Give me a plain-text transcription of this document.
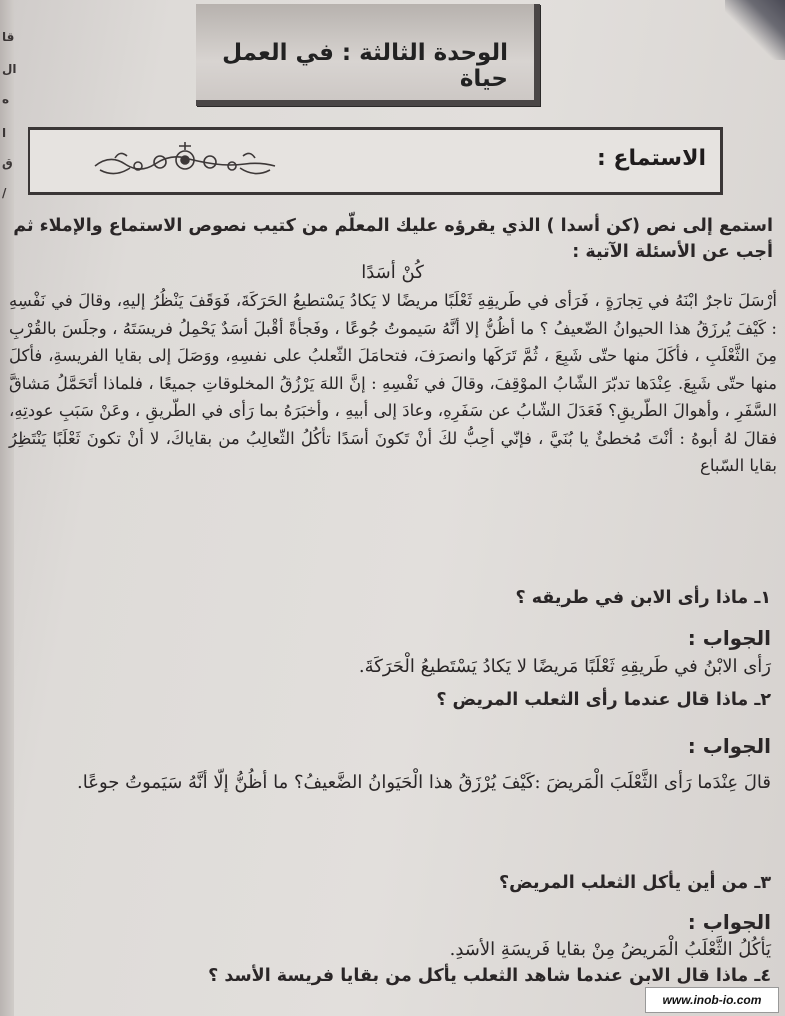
قا
ال
ه
ا
ق
/
الوحدة الثالثة : في العمل حياة
الاستماع :
استمع إلى نص (كن أسدا ) الذي يقرؤه عليك المعلّم من كتيب نصوص الاستماع والإملاء ثم أجب عن الأسئلة الآتية :
كُنْ أسَدًا
أرْسَلَ تاجرٌ ابْنَهُ في تِجارَةٍ ، فَرَأى في طَريقِهِ ثَعْلَبًا مريضًا لا يَكادُ يَسْتطيعُ الحَرَكَةَ، فَوَقَفَ يَنْظُرُ إليهِ، وقالَ في نَفْسِهِ : كَيْفَ يُرزَقُ هذا الحيوانُ الضّعيفُ ؟ ما أظُنُّ إلا أنَّهُ سَيموتُ جُوعًا ، وفَجأةً أقْبلَ أسَدٌ يَحْمِلُ فريسَتَهُ ، وجلَسَ بالقُرْبِ مِنَ الثَّعْلَبِ ، فأكَلَ منها حتّى شَبِعَ ، ثُمَّ تَرَكَها وانصرَفَ، فتحامَلَ الثّعلبُ على نفسِهِ، ووَصَلَ إلى بقايا الفريسةِ، فأكلَ منها حتّى شَبِعَ. عِنْدَها تدبّرَ الشّابُ الموْقِفَ، وقالَ في نَفْسِهِ : إنَّ اللهَ يَرْزُقُ المخلوقاتِ جميعًا ، فلماذا أتَحَمَّلُ مَشاقَّ السَّفَرِ ، وأهوالَ الطّريقِ؟ فَعَدَلَ الشّابُ عن سَفَرِهِ، وعادَ إلى أبيهِ ، وأخبَرَهُ بما رَأى في الطّريقِ ، وعَنْ سَبَبِ عودتِهِ، فقالَ لهُ أبوهُ : أنْتَ مُخطئٌ يا بُنَيَّ ، فإنّي أحِبُّ لكَ أنْ تَكونَ أسَدًا تأكُلُ الثّعالِبُ من بقاياكَ، لا أنْ تكونَ ثَعْلَبًا يَنْتَظِرُ بقايا السّباع
١ـ ماذا رأى الابن في طريقه ؟
الجواب :
رَأى الابْنُ في طَريقِهِ ثَعْلَبًا مَريضًا لا يَكادُ يَسْتَطيعُ الْحَرَكَةَ.
٢ـ ماذا قال عندما رأى الثعلب المريض ؟
الجواب :
قالَ عِنْدَما رَأى الثَّعْلَبَ الْمَريضَ :كَيْفَ يُرْزَقُ هذا الْحَيَوانُ الضَّعيفُ؟ ما أظُنُّ إلّا أنَّهُ سَيَموتُ جوعًا.
٣ـ من أين يأكل الثعلب المريض؟
الجواب :
يَأكُلُ الثَّعْلَبُ الْمَريضُ مِنْ بقايا فَريسَةِ الأسَدِ.
٤ـ ماذا قال الابن عندما شاهد الثعلب يأكل من بقايا فريسة الأسد ؟
www.inob-io.com
